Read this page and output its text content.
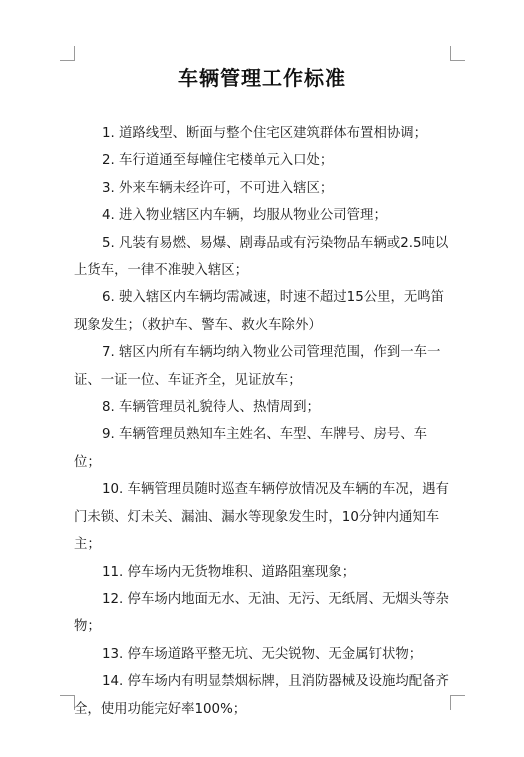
车辆管理工作标准

1. 道路线型、断面与整个住宅区建筑群体布置相协调；

2. 车行道通至每幢住宅楼单元入口处；

3. 外来车辆未经许可，不可进入辖区；

4. 进入物业辖区内车辆，均服从物业公司管理；

5. 凡装有易燃、易爆、剧毒品或有污染物品车辆或2.5吨以上货车，一律不准驶入辖区；

6. 驶入辖区内车辆均需减速，时速不超过15公里，无鸣笛现象发生；（救护车、警车、救火车除外）

7. 辖区内所有车辆均纳入物业公司管理范围，作到一车一证、一证一位、车证齐全，见证放车；

8. 车辆管理员礼貌待人、热情周到；

9. 车辆管理员熟知车主姓名、车型、车牌号、房号、车位；

10. 车辆管理员随时巡查车辆停放情况及车辆的车况，遇有门未锁、灯未关、漏油、漏水等现象发生时，10分钟内通知车主；

11. 停车场内无货物堆积、道路阻塞现象；

12. 停车场内地面无水、无油、无污、无纸屑、无烟头等杂物；

13. 停车场道路平整无坑、无尖锐物、无金属钉状物；

14. 停车场内有明显禁烟标牌，且消防器械及设施均配备齐全，使用功能完好率100%；
